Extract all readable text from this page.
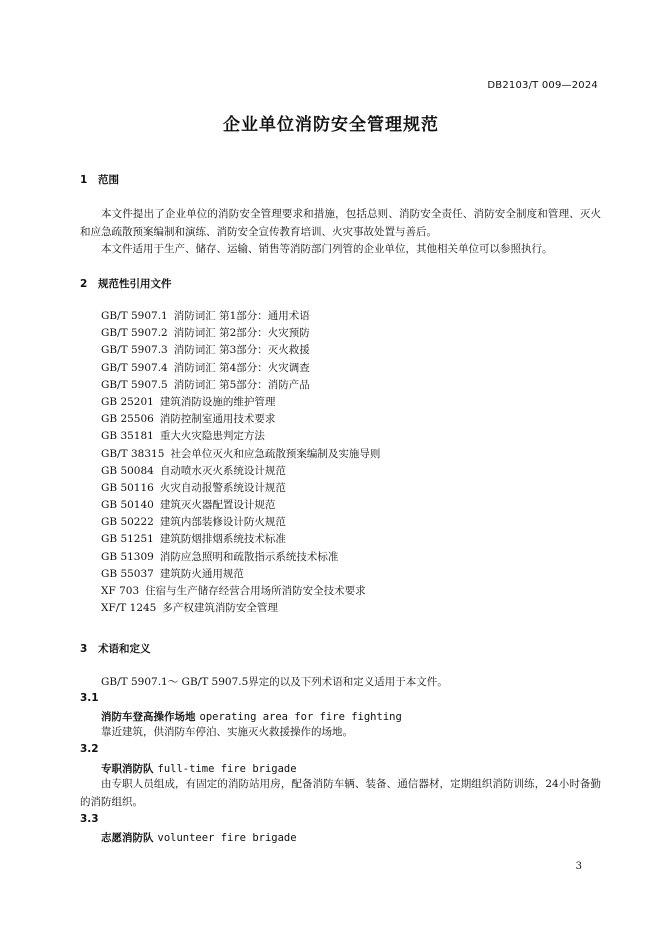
DB2103/T 009—2024
企业单位消防安全管理规范
1 范围
本文件提出了企业单位的消防安全管理要求和措施，包括总则、消防安全责任、消防安全制度和管理、灭火和应急疏散预案编制和演练、消防安全宣传教育培训、火灾事故处置与善后。
本文件适用于生产、储存、运输、销售等消防部门列管的企业单位，其他相关单位可以参照执行。
2 规范性引用文件
GB/T 5907.1 消防词汇 第1部分：通用术语
GB/T 5907.2 消防词汇 第2部分：火灾预防
GB/T 5907.3 消防词汇 第3部分：灭火救援
GB/T 5907.4 消防词汇 第4部分：火灾调查
GB/T 5907.5 消防词汇 第5部分：消防产品
GB 25201 建筑消防设施的维护管理
GB 25506 消防控制室通用技术要求
GB 35181 重大火灾隐患判定方法
GB/T 38315 社会单位灭火和应急疏散预案编制及实施导则
GB 50084 自动喷水灭火系统设计规范
GB 50116 火灾自动报警系统设计规范
GB 50140 建筑灭火器配置设计规范
GB 50222 建筑内部装修设计防火规范
GB 51251 建筑防烟排烟系统技术标准
GB 51309 消防应急照明和疏散指示系统技术标准
GB 55037 建筑防火通用规范
XF 703 住宿与生产储存经营合用场所消防安全技术要求
XF/T 1245 多产权建筑消防安全管理
3 术语和定义
GB/T 5907.1～ GB/T 5907.5界定的以及下列术语和定义适用于本文件。
3.1
消防车登高操作场地 operating area for fire fighting
靠近建筑，供消防车停泊、实施灭火救援操作的场地。
3.2
专职消防队 full-time fire brigade
由专职人员组成，有固定的消防站用房，配备消防车辆、装备、通信器材，定期组织消防训练，24小时备勤的消防组织。
3.3
志愿消防队 volunteer fire brigade
3
